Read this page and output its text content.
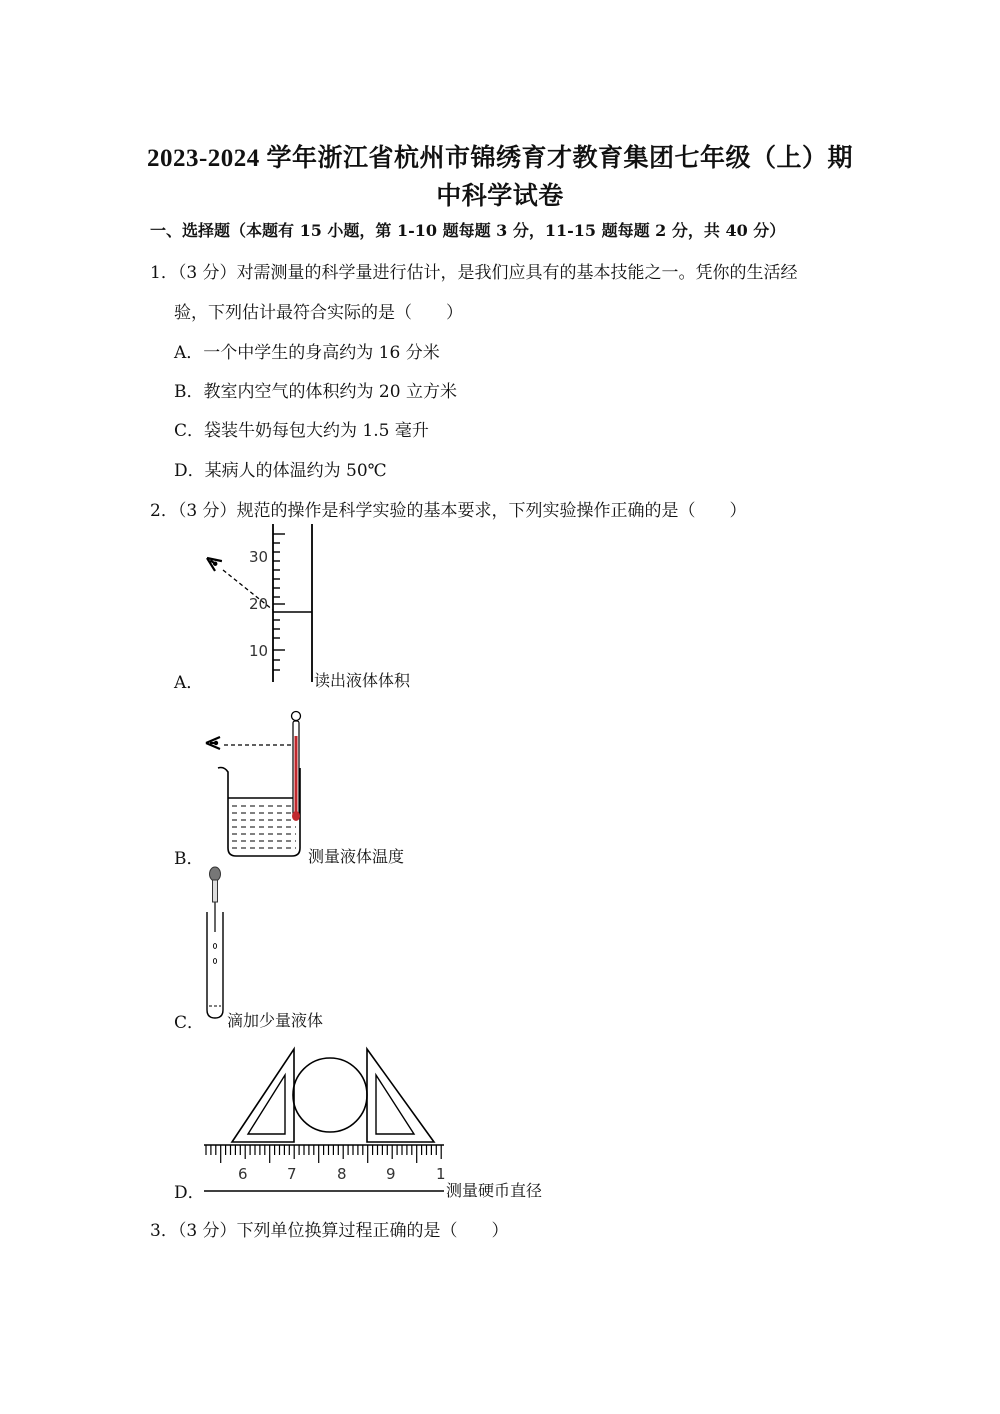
2023-2024 学年浙江省杭州市锦绣育才教育集团七年级（上）期
中科学试卷
一、选择题（本题有 15 小题，第 1-10 题每题 3 分，11-15 题每题 2 分，共 40 分）
1．（3 分）对需测量的科学量进行估计，是我们应具有的基本技能之一。凭你的生活经
验，下列估计最符合实际的是（　　）
A．一个中学生的身高约为 16 分米
B．教室内空气的体积约为 20 立方米
C．袋装牛奶每包大约为 1.5 毫升
D．某病人的体温约为 50℃
2．（3 分）规范的操作是科学实验的基本要求，下列实验操作正确的是（　　）
A．
30
20
10
读出液体体积
B．	测量液体温度
C． 滴加少量液体
D．
6	7	8	9	1
测量硬币直径
3．（3 分）下列单位换算过程正确的是（　　）
